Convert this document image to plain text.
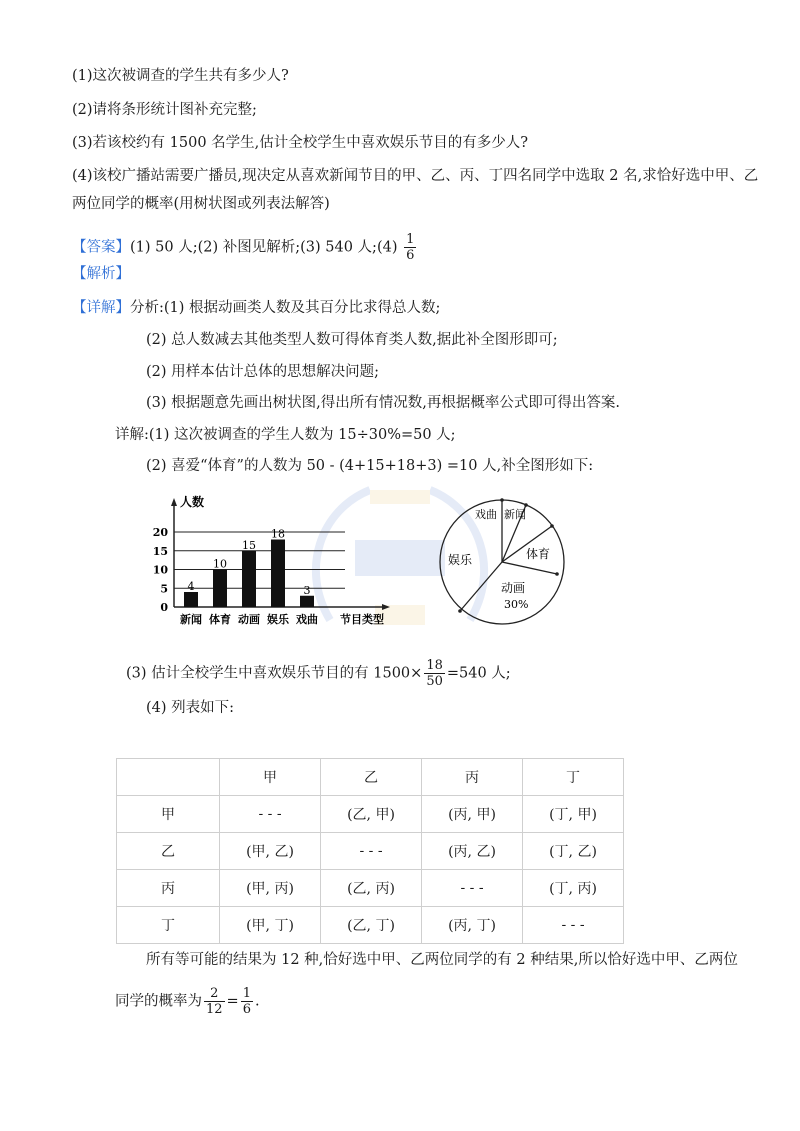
(1)这次被调查的学生共有多少人?
(2)请将条形统计图补充完整;
(3)若该校约有 1500 名学生,估计全校学生中喜欢娱乐节目的有多少人?
(4)该校广播站需要广播员,现决定从喜欢新闻节目的甲、乙、丙、丁四名同学中选取 2 名,求恰好选中甲、乙
两位同学的概率(用树状图或列表法解答)
【答案】(1) 50 人;(2) 补图见解析;(3) 540 人;(4) $\frac{1}{6}$
【解析】
【详解】分析:(1) 根据动画类人数及其百分比求得总人数;
(2) 总人数减去其他类型人数可得体育类人数,据此补全图形即可;
(2) 用样本估计总体的思想解决问题;
(3) 根据题意先画出树状图,得出所有情况数,再根据概率公式即可得出答案.
详解:(1) 这次被调查的学生人数为 15÷30%=50 人;
(2) 喜爱“体育”的人数为 50 - (4+15+18+3) =10 人,补全图形如下:
人数
节目类型
0
5
10
15
20
4
新闻
10
体育
15
动画
18
娱乐
3
戏曲
戏曲 新闻
体育
动画
30%
娱乐
(3) 估计全校学生中喜欢娱乐节目的有 $1500\times \frac{18}{50} =540$ 人;
(4) 列表如下:
	甲	乙	丙	丁
甲	- - -	(乙, 甲)	(丙, 甲)	(丁, 甲)
乙	(甲, 乙)	- - -	(丙, 乙)	(丁, 乙)
丙	(甲, 丙)	(乙, 丙)	- - -	(丁, 丙)
丁	(甲, 丁)	(乙, 丁)	(丙, 丁)	- - -
所有等可能的结果为 12 种,恰好选中甲、乙两位同学的有 2 种结果,所以恰好选中甲、乙两位
同学的概率为 $\frac{2}{12} = \frac{1}{6}$ .
